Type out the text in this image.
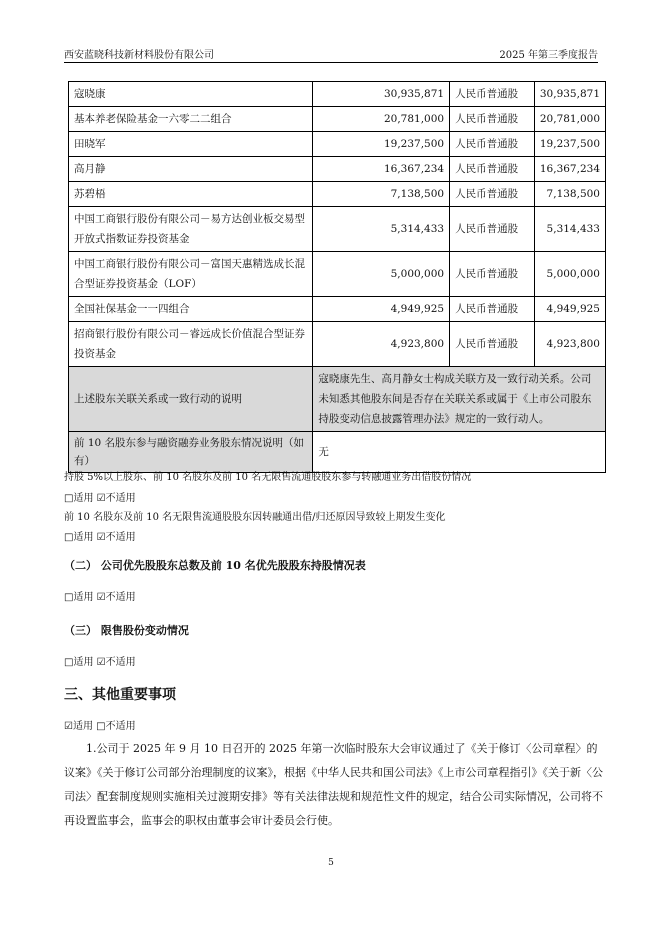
西安蓝晓科技新材料股份有限公司	2025 年第三季度报告
寇晓康	30,935,871	人民币普通股	30,935,871
基本养老保险基金一六零二二组合	20,781,000	人民币普通股	20,781,000
田晓军	19,237,500	人民币普通股	19,237,500
高月静	16,367,234	人民币普通股	16,367,234
苏碧梧	7,138,500	人民币普通股	7,138,500
中国工商银行股份有限公司－易方达创业板交易型开放式指数证券投资基金	5,314,433	人民币普通股	5,314,433
中国工商银行股份有限公司－富国天惠精选成长混合型证券投资基金（LOF）	5,000,000	人民币普通股	5,000,000
全国社保基金一一四组合	4,949,925	人民币普通股	4,949,925
招商银行股份有限公司－睿远成长价值混合型证券投资基金	4,923,800	人民币普通股	4,923,800
上述股东关联关系或一致行动的说明	寇晓康先生、高月静女士构成关联方及一致行动关系。公司未知悉其他股东间是否存在关联关系或属于《上市公司股东持股变动信息披露管理办法》规定的一致行动人。		
前 10 名股东参与融资融券业务股东情况说明（如有）	无		
持股 5%以上股东、前 10 名股东及前 10 名无限售流通股股东参与转融通业务出借股份情况
□适用 ☑不适用
前 10 名股东及前 10 名无限售流通股股东因转融通出借/归还原因导致较上期发生变化
□适用 ☑不适用
（二） 公司优先股股东总数及前 10 名优先股股东持股情况表
□适用 ☑不适用
（三） 限售股份变动情况
□适用 ☑不适用
三、其他重要事项
☑适用 □不适用
1.公司于 2025 年 9 月 10 日召开的 2025 年第一次临时股东大会审议通过了《关于修订〈公司章程〉的议案》《关于修订公司部分治理制度的议案》，根据《中华人民共和国公司法》《上市公司章程指引》《关于新〈公司法〉配套制度规则实施相关过渡期安排》等有关法律法规和规范性文件的规定，结合公司实际情况，公司将不再设置监事会，监事会的职权由董事会审计委员会行使。
5
